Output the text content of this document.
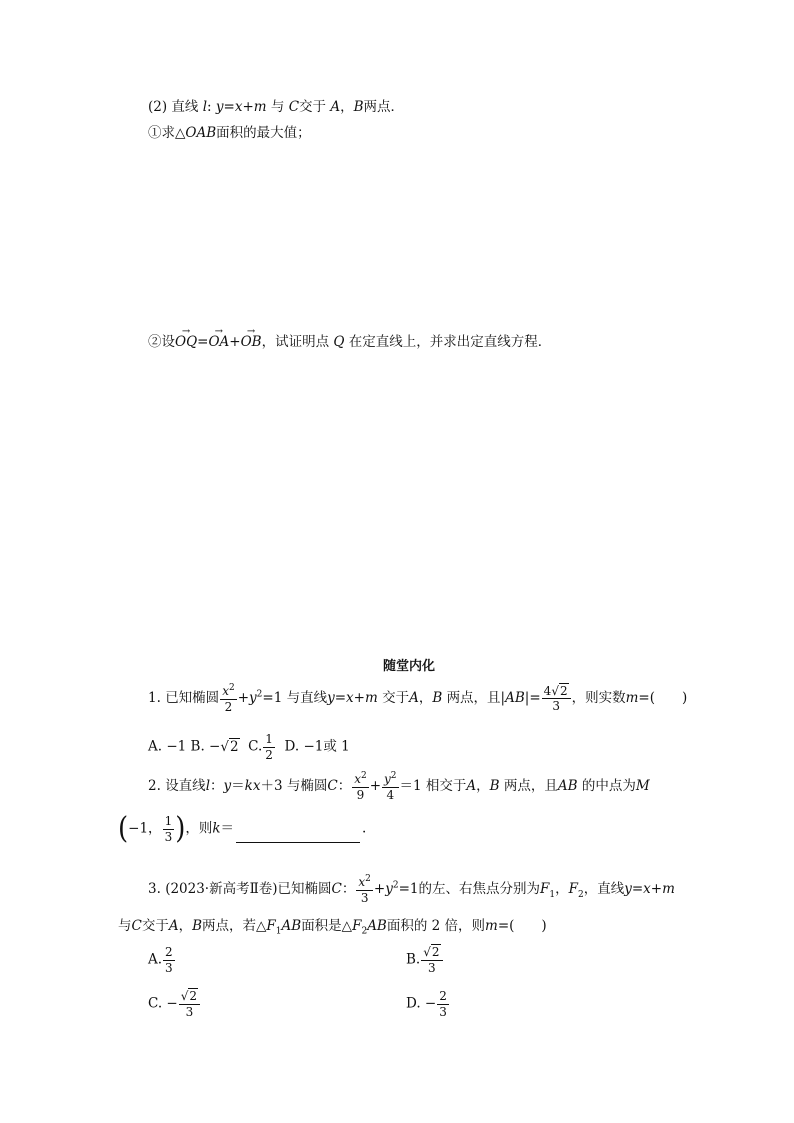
(2) 直线 l: y=x+m 与 C交于 A，B两点．
①求△OAB面积的最大值；
②设→ OQ=→ OA+→ OB，试证明点 Q 在定直线上，并求出定直线方程．
随堂内化
1. 已知椭圆 $\frac{x^2}{2} +y^2=1$ 与直线y=x+m 交于A，B 两点，且$|AB|= \frac{4√2}{3}$ ，则实数m=(　　)
A. −1 B. −√2 C. $\frac{1}{2} D$. −1或 1
2. 设直线l：y＝kx＋3 与椭圆C： $\frac{x^2}{9} + \frac{y^2}{4} =1$ 相交于A，B 两点，且AB 的中点为M
(−1， $\frac{1}{3}$ )，则k＝	.
3. (2023·新高考Ⅱ卷)已知椭圆C： $\frac{x^2}{3} +y^2=1$的左、右焦点分别为$F_1$，$F_2$，直线y=x+m
与C交于A，B两点，若$\triangle F_1AB$面积是$\triangle F_2AB$面积的 2 倍，则m=(　　)
A. $\frac{2}{3}$	B. $\frac{√2}{3}$
C. − $\frac{√2}{3}$	D. − $\frac{2}{3}$
